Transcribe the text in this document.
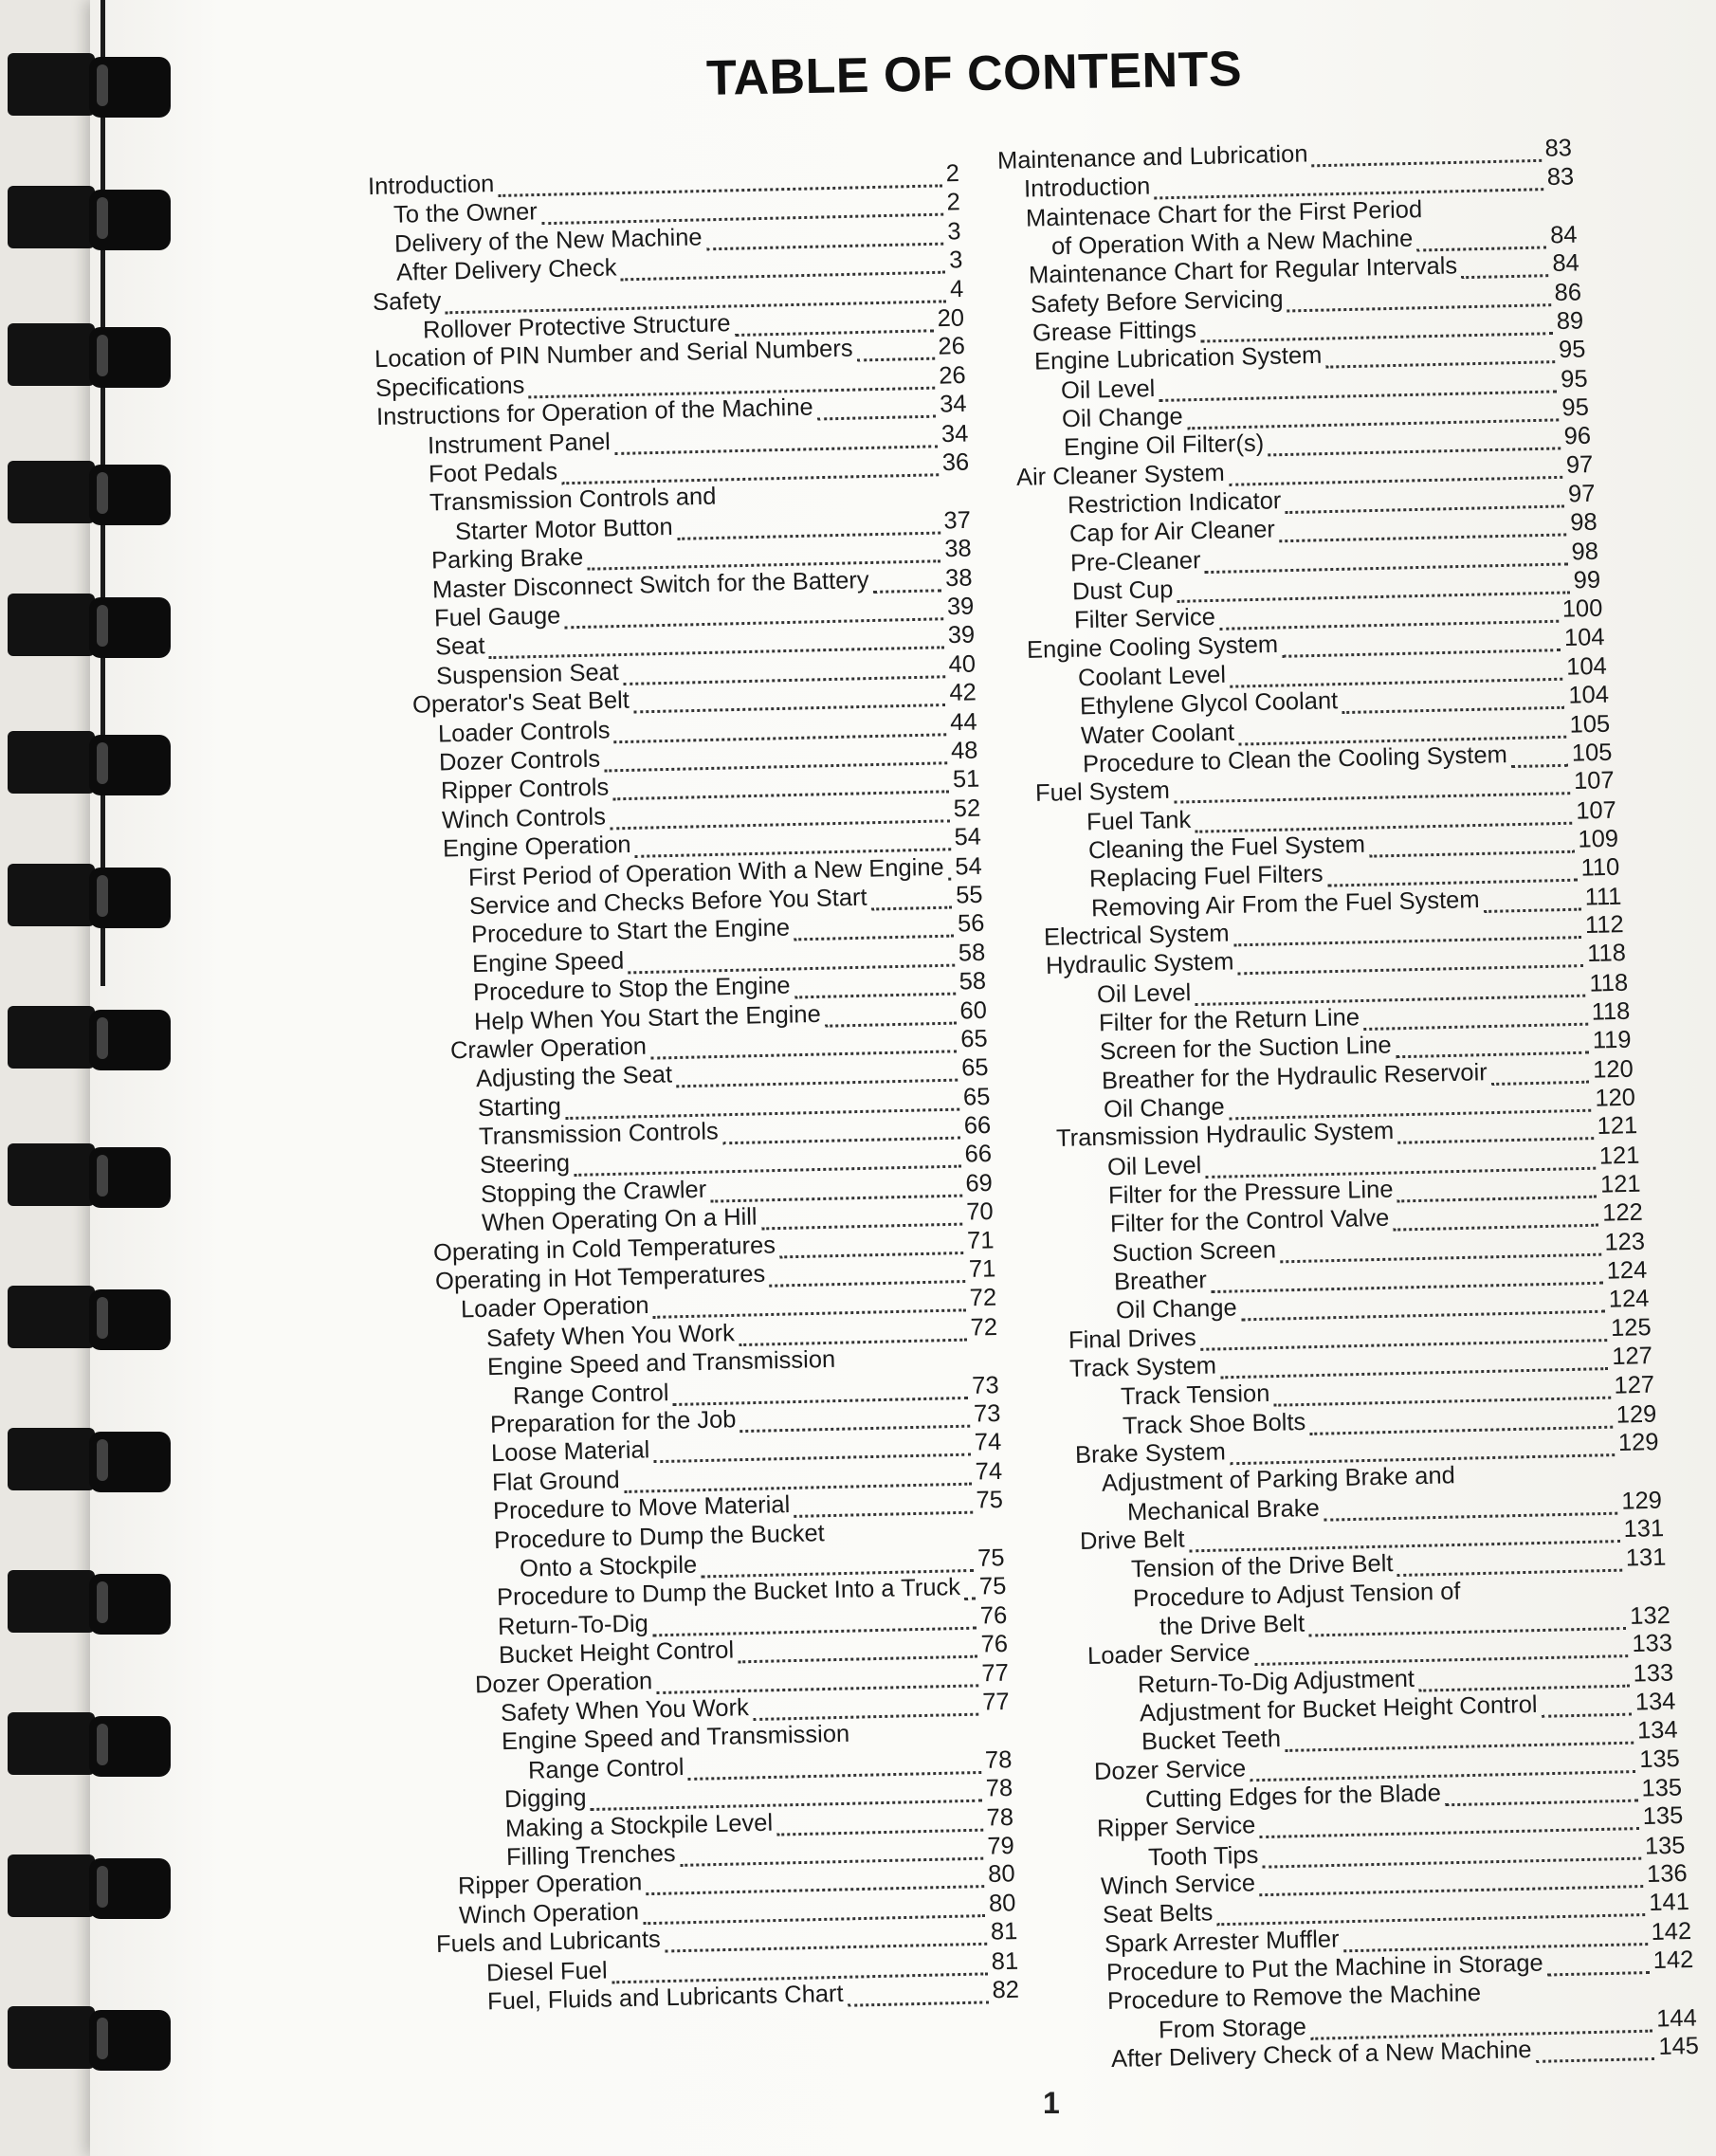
TABLE OF CONTENTS
Introduction	2
To the Owner	2
Delivery of the New Machine	3
After Delivery Check	3
Safety	4
Rollover Protective Structure	20
Location of PIN Number and Serial Numbers	26
Specifications	26
Instructions for Operation of the Machine	34
Instrument Panel	34
Foot Pedals	36
Transmission Controls and
Starter Motor Button	37
Parking Brake	38
Master Disconnect Switch for the Battery	38
Fuel Gauge	39
Seat	39
Suspension Seat	40
Operator's Seat Belt	42
Loader Controls	44
Dozer Controls	48
Ripper Controls	51
Winch Controls	52
Engine Operation	54
First Period of Operation With a New Engine 54
Service and Checks Before You Start	55
Procedure to Start the Engine	56
Engine Speed	58
Procedure to Stop the Engine	58
Help When You Start the Engine	60
Crawler Operation	65
Adjusting the Seat	65
Starting	65
Transmission Controls	66
Steering	66
Stopping the Crawler	69
When Operating On a Hill	70
Operating in Cold Temperatures	71
Operating in Hot Temperatures	71
Loader Operation	72
Safety When You Work	72
Engine Speed and Transmission
Range Control	73
Preparation for the Job	73
Loose Material	74
Flat Ground	74
Procedure to Move Material	75
Procedure to Dump the Bucket
Onto a Stockpile	75
Procedure to Dump the Bucket Into a Truck 75
Return-To-Dig	76
Bucket Height Control	76
Dozer Operation	77
Safety When You Work	77
Engine Speed and Transmission
Range Control	78
Digging	78
Making a Stockpile Level	78
Filling Trenches	79
Ripper Operation	80
Winch Operation	80
Fuels and Lubricants	81
Diesel Fuel	81
Fuel, Fluids and Lubricants Chart	82
Maintenance and Lubrication	83
Introduction	83
Maintenace Chart for the First Period
of Operation With a New Machine	84
Maintenance Chart for Regular Intervals	84
Safety Before Servicing	86
Grease Fittings	89
Engine Lubrication System	95
Oil Level	95
Oil Change	95
Engine Oil Filter(s)	96
Air Cleaner System	97
Restriction Indicator	97
Cap for Air Cleaner	98
Pre-Cleaner	98
Dust Cup	99
Filter Service	100
Engine Cooling System	104
Coolant Level	104
Ethylene Glycol Coolant	104
Water Coolant	105
Procedure to Clean the Cooling System	105
Fuel System	107
Fuel Tank	107
Cleaning the Fuel System	109
Replacing Fuel Filters	110
Removing Air From the Fuel System	111
Electrical System	112
Hydraulic System	118
Oil Level	118
Filter for the Return Line	118
Screen for the Suction Line	119
Breather for the Hydraulic Reservoir	120
Oil Change	120
Transmission Hydraulic System	121
Oil Level	121
Filter for the Pressure Line	121
Filter for the Control Valve	122
Suction Screen	123
Breather	124
Oil Change	124
Final Drives	125
Track System	127
Track Tension	127
Track Shoe Bolts	129
Brake System	129
Adjustment of Parking Brake and
Mechanical Brake	129
Drive Belt	131
Tension of the Drive Belt	131
Procedure to Adjust Tension of
the Drive Belt	132
Loader Service	133
Return-To-Dig Adjustment	133
Adjustment for Bucket Height Control	134
Bucket Teeth	134
Dozer Service	135
Cutting Edges for the Blade	135
Ripper Service	135
Tooth Tips	135
Winch Service	136
Seat Belts	141
Spark Arrester Muffler	142
Procedure to Put the Machine in Storage	142
Procedure to Remove the Machine
From Storage	144
After Delivery Check of a New Machine	145
1
